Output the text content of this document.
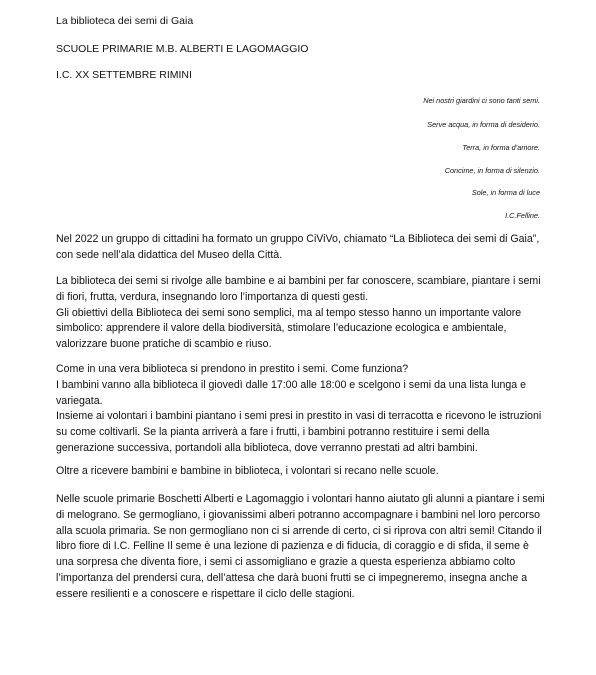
La biblioteca dei semi di Gaia
SCUOLE PRIMARIE M.B. ALBERTI E LAGOMAGGIO
I.C. XX SETTEMBRE RIMINI
Nei nostri giardini ci sono tanti semi.
Serve acqua, in forma di desiderio.
Terra, in forma d’amore.
Concime, in forma di silenzio.
Sole, in forma di luce
I.C.Felline.

Nel 2022 un gruppo di cittadini ha formato un gruppo CiViVo, chiamato “La Biblioteca dei semi di Gaia”, con sede nell’ala didattica del Museo della Città.

La biblioteca dei semi si rivolge alle bambine e ai bambini per far conoscere, scambiare, piantare i semi di fiori, frutta, verdura, insegnando loro l’importanza di questi gesti.

Gli obiettivi della Biblioteca dei semi sono semplici, ma al tempo stesso hanno un importante valore simbolico: apprendere il valore della biodiversità, stimolare l’educazione ecologica e ambientale, valorizzare buone pratiche di scambio e riuso.

Come in una vera biblioteca si prendono in prestito i semi. Come funziona?

I bambini vanno alla biblioteca il giovedì dalle 17:00 alle 18:00 e scelgono i semi da una lista lunga e variegata.

Insieme ai volontari i bambini piantano i semi presi in prestito in vasi di terracotta e ricevono le istruzioni su come coltivarli. Se la pianta arriverà a fare i frutti, i bambini potranno restituire i semi della generazione successiva, portandoli alla biblioteca, dove verranno prestati ad altri bambini.

Oltre a ricevere bambini e bambine in biblioteca, i volontari si recano nelle scuole.

Nelle scuole primarie Boschetti Alberti e Lagomaggio i volontari hanno aiutato gli alunni a piantare i semi di melograno. Se germogliano, i giovanissimi alberi potranno accompagnare i bambini nel loro percorso alla scuola primaria. Se non germogliano non ci si arrende di certo, ci si riprova con altri semi! Citando il libro fiore di I.C. Felline Il seme è una lezione di pazienza e di fiducia, di coraggio e di sfida, il seme è una sorpresa che diventa fiore, i semi ci assomigliano e grazie a questa esperienza abbiamo colto l’importanza del prendersi cura, dell’attesa che darà buoni frutti se ci impegneremo, insegna anche a essere resilienti e a conoscere e rispettare il ciclo delle stagioni.
